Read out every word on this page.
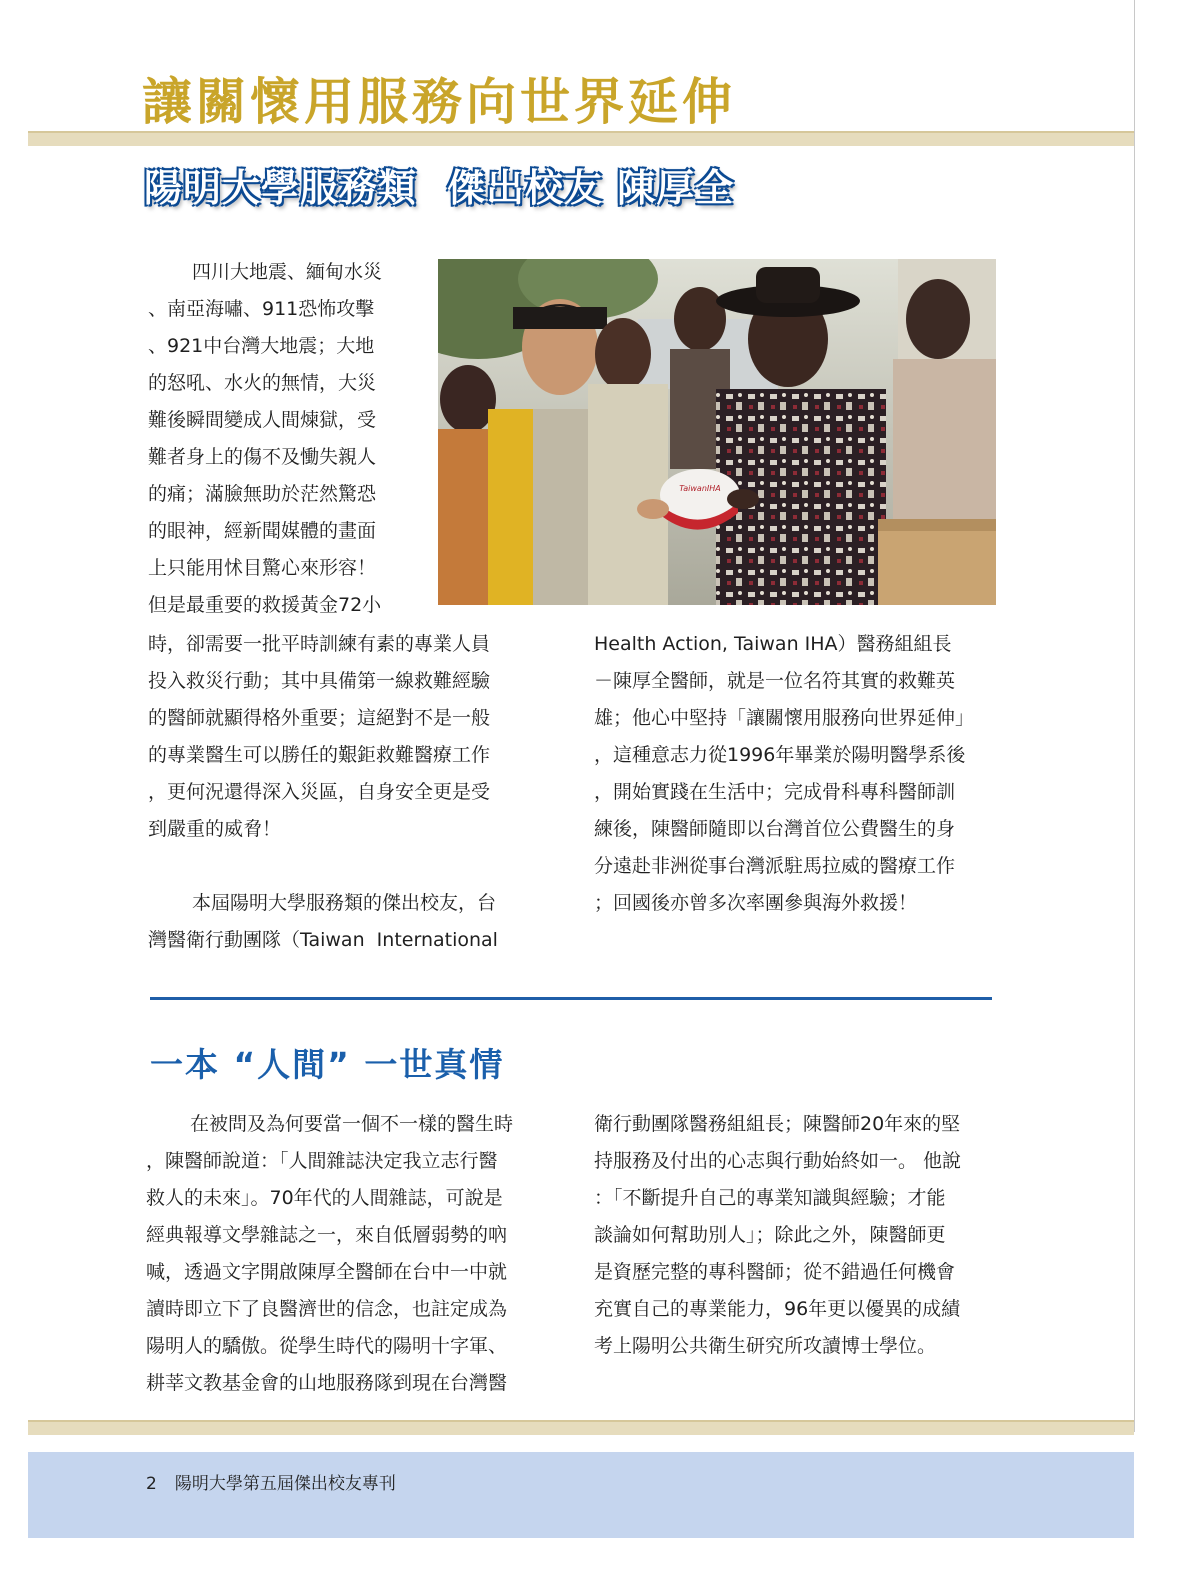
讓關懷用服務向世界延伸
陽明大學服務類 傑出校友 陳厚全

四川大地震、緬甸水災

、南亞海嘯、911恐怖攻擊

、921中台灣大地震；大地

的怒吼、水火的無情，大災

難後瞬間變成人間煉獄，受

難者身上的傷不及慟失親人

的痛；滿臉無助於茫然驚恐

的眼神，經新聞媒體的畫面

上只能用怵目驚心來形容！

但是最重要的救援黃金72小

TaiwanIHA

時，卻需要一批平時訓練有素的專業人員

投入救災行動；其中具備第一線救難經驗

的醫師就顯得格外重要；這絕對不是一般

的專業醫生可以勝任的艱鉅救難醫療工作

，更何況還得深入災區，自身安全更是受

到嚴重的威脅！

本屆陽明大學服務類的傑出校友，台

灣醫衛行動團隊（Taiwan  International

Health Action, Taiwan IHA）醫務組組長

－陳厚全醫師，就是一位名符其實的救難英

雄；他心中堅持「讓關懷用服務向世界延伸」

，這種意志力從1996年畢業於陽明醫學系後

，開始實踐在生活中；完成骨科專科醫師訓

練後，陳醫師隨即以台灣首位公費醫生的身

分遠赴非洲從事台灣派駐馬拉威的醫療工作

；回國後亦曾多次率團參與海外救援！

一本 “人間” 一世真情

在被問及為何要當一個不一樣的醫生時

，陳醫師說道：「人間雜誌決定我立志行醫

救人的未來」。70年代的人間雜誌，可說是

經典報導文學雜誌之一，來自低層弱勢的吶

喊，透過文字開啟陳厚全醫師在台中一中就

讀時即立下了良醫濟世的信念，也註定成為

陽明人的驕傲。從學生時代的陽明十字軍、

耕莘文教基金會的山地服務隊到現在台灣醫

衛行動團隊醫務組組長；陳醫師20年來的堅

持服務及付出的心志與行動始終如一。 他說

：「不斷提升自己的專業知識與經驗；才能

談論如何幫助別人」；除此之外，陳醫師更

是資歷完整的專科醫師；從不錯過任何機會

充實自己的專業能力，96年更以優異的成績

考上陽明公共衛生研究所攻讀博士學位。

2 陽明大學第五屆傑出校友專刊
